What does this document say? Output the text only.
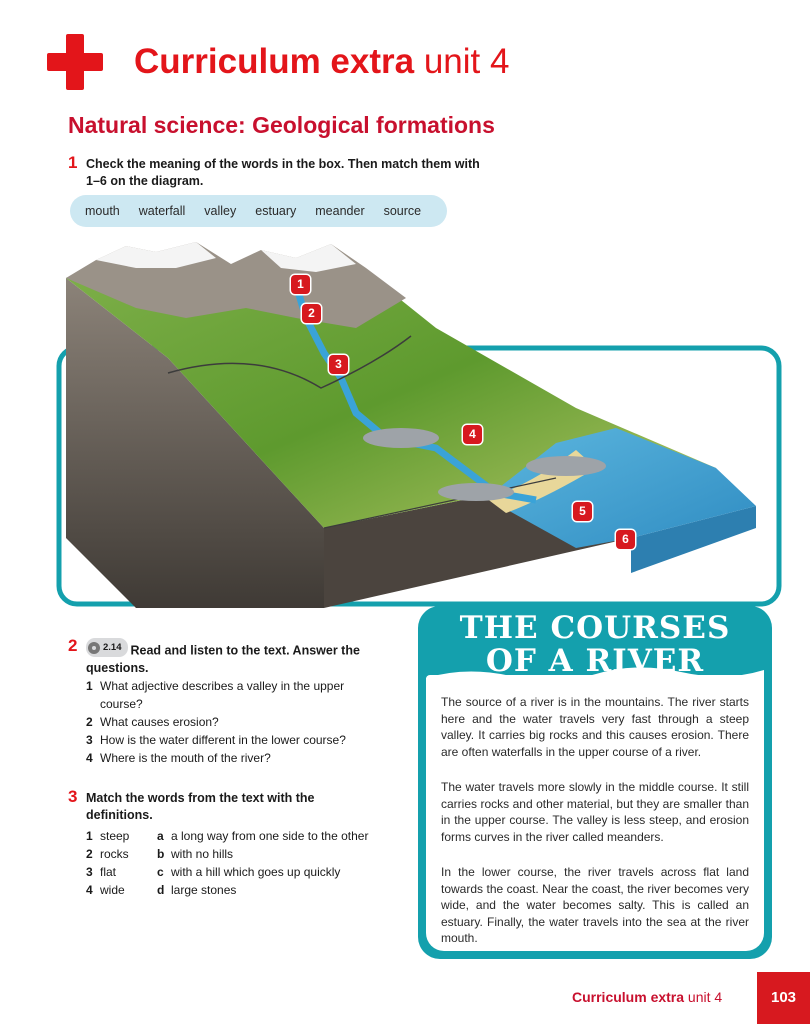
Curriculum extra unit 4
Natural science: Geological formations
1 Check the meaning of the words in the box. Then match them with
1–6 on the diagram.
mouth waterfall valley estuary meander source
1
2
3
4
5
6
2	2.14 Read and listen to the text. Answer the
questions.
1 What adjective describes a valley in the upper
course?
2 What causes erosion?
3 How is the water different in the lower course?
4 Where is the mouth of the river?
3 Match the words from the text with the
definitions.
1 steep
2 rocks
3 flat
4 wide
a a long way from one side to the other
b with no hills
c with a hill which goes up quickly
d large stones
THE COURSES
OF A RIVER
The source of a river is in the mountains. The river starts here and the water travels very fast through a steep valley. It carries big rocks and this causes erosion. There are often waterfalls in the upper course of a river.
The water travels more slowly in the middle course. It still carries rocks and other material, but they are smaller than in the upper course. The valley is less steep, and erosion forms curves in the river called meanders.
In the lower course, the river travels across flat land towards the coast. Near the coast, the river becomes very wide, and the water becomes salty. This is called an estuary. Finally, the water travels into the sea at the river mouth.
Curriculum extra unit 4	103
